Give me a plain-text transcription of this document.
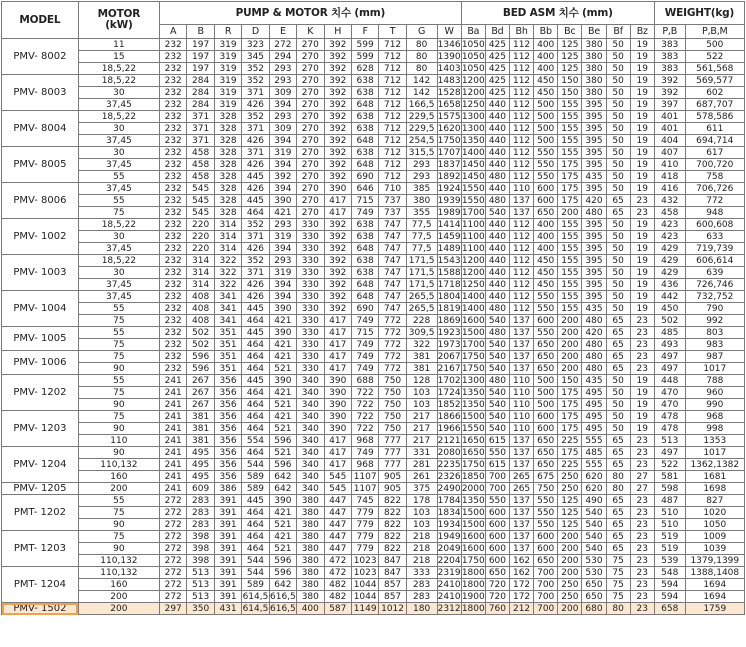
MODEL	MOTOR
(kW)	PUMP & MOTOR 치수 (mm)											BED ASM 치수 (mm)								WEIGHT(kg)	
		A	B	R	D	E	K	H	F	T	G	W	Ba	Bd	Bh	Bb	Bc	Be	Bf	Bz	P,B	P,B,M
PMV- 8002	11	232	197	319	323	272	270	392	599	712	80	1346	1050	425	112	400	125	380	50	19	383	500
	15	232	197	319	345	294	270	392	599	712	80	1390	1050	425	112	400	125	380	50	19	383	522
	18,5,22	232	197	319	352	293	270	392	628	712	80	1403	1050	425	112	400	125	380	50	19	383	561,568
PMV- 8003	18,5,22	232	284	319	352	293	270	392	638	712	142	1483	1200	425	112	450	150	380	50	19	392	569,577
	30	232	284	319	371	309	270	392	638	712	142	1528	1200	425	112	450	150	380	50	19	392	602
	37,45	232	284	319	426	394	270	392	648	712	166,5	1658	1250	440	112	500	155	395	50	19	397	687,707
PMV- 8004	18,5,22	232	371	328	352	293	270	392	638	712	229,5	1575	1300	440	112	500	155	395	50	19	401	578,586
	30	232	371	328	371	309	270	392	638	712	229,5	1620	1300	440	112	500	155	395	50	19	401	611
	37,45	232	371	328	426	394	270	392	648	712	254,5	1750	1350	440	112	500	155	395	50	19	404	694,714
PMV- 8005	30	232	458	328	371	319	270	392	638	712	315,5	1707	1400	440	112	550	155	395	50	19	407	617
	37,45	232	458	328	426	394	270	392	648	712	293	1837	1450	440	112	550	175	395	50	19	410	700,720
	55	232	458	328	445	392	270	392	690	712	293	1892	1450	480	112	550	175	435	50	19	418	758
PMV- 8006	37,45	232	545	328	426	394	270	390	646	710	385	1924	1550	440	110	600	175	395	50	19	416	706,726
	55	232	545	328	445	390	270	417	715	737	380	1939	1550	480	137	600	175	420	65	23	432	772
	75	232	545	328	464	421	270	417	749	737	355	1989	1700	540	137	650	200	480	65	23	458	948
PMV- 1002	18,5,22	232	220	314	352	293	330	392	638	747	77,5	1414	1100	440	112	400	155	395	50	19	423	600,608
	30	232	220	314	371	319	330	392	638	747	77,5	1459	1100	440	112	400	155	395	50	19	423	633
	37,45	232	220	314	426	394	330	392	648	747	77,5	1489	1100	440	112	400	155	395	50	19	429	719,739
PMV- 1003	18,5,22	232	314	322	352	293	330	392	638	747	171,5	1543	1200	440	112	450	155	395	50	19	429	606,614
	30	232	314	322	371	319	330	392	638	747	171,5	1588	1200	440	112	450	155	395	50	19	429	639
	37,45	232	314	322	426	394	330	392	648	747	171,5	1718	1250	440	112	450	155	395	50	19	436	726,746
PMV- 1004	37,45	232	408	341	426	394	330	392	648	747	265,5	1804	1400	440	112	550	155	395	50	19	442	732,752
	55	232	408	341	445	390	330	392	690	747	265,5	1819	1400	480	112	550	155	435	50	19	450	790
	75	232	408	341	464	421	330	417	749	772	228	1869	1600	540	137	600	200	480	65	23	502	992
PMV- 1005	55	232	502	351	445	390	330	417	715	772	309,5	1923	1500	480	137	550	200	420	65	23	485	803
	75	232	502	351	464	421	330	417	749	772	322	1973	1700	540	137	650	200	480	65	23	493	983
PMV- 1006	75	232	596	351	464	421	330	417	749	772	381	2067	1750	540	137	650	200	480	65	23	497	987
	90	232	596	351	464	521	330	417	749	772	381	2167	1750	540	137	650	200	480	65	23	497	1017
PMV- 1202	55	241	267	356	445	390	340	390	688	750	128	1702	1300	480	110	500	150	435	50	19	448	788
	75	241	267	356	464	421	340	390	722	750	103	1724	1350	540	110	500	175	495	50	19	470	960
	90	241	267	356	464	521	340	390	722	750	103	1852	1350	540	110	500	175	495	50	19	470	990
PMV- 1203	75	241	381	356	464	421	340	390	722	750	217	1866	1500	540	110	600	175	495	50	19	478	968
	90	241	381	356	464	521	340	390	722	750	217	1966	1550	540	110	600	175	495	50	19	478	998
	110	241	381	356	554	596	340	417	968	777	217	2121	1650	615	137	650	225	555	65	23	513	1353
PMV- 1204	90	241	495	356	464	521	340	417	749	777	331	2080	1650	550	137	650	175	485	65	23	497	1017
	110,132	241	495	356	544	596	340	417	968	777	281	2235	1750	615	137	650	225	555	65	23	522	1362,1382
	160	241	495	356	589	642	340	545	1107	905	261	2326	1850	700	265	675	250	620	80	27	581	1681
PMV- 1205	200	241	609	386	589	642	340	545	1107	905	375	2490	2000	700	265	750	250	620	80	27	598	1698
PMT- 1202	55	272	283	391	445	390	380	447	745	822	178	1784	1350	550	137	550	125	490	65	23	487	827
	75	272	283	391	464	421	380	447	779	822	103	1834	1500	600	137	550	125	540	65	23	510	1020
	90	272	283	391	464	521	380	447	779	822	103	1934	1500	600	137	550	125	540	65	23	510	1050
PMT- 1203	75	272	398	391	464	421	380	447	779	822	218	1949	1600	600	137	600	200	540	65	23	519	1009
	90	272	398	391	464	521	380	447	779	822	218	2049	1600	600	137	600	200	540	65	23	519	1039
	110,132	272	398	391	544	596	380	472	1023	847	218	2204	1750	600	162	650	200	530	75	23	539	1379,1399
PMT- 1204	110,132	272	513	391	544	596	380	472	1023	847	333	2319	1800	650	162	700	200	530	75	23	548	1388,1408
	160	272	513	391	589	642	380	482	1044	857	283	2410	1800	720	172	700	250	650	75	23	594	1694
	200	272	513	391	614,5	616,5	380	482	1044	857	283	2410	1900	720	172	700	250	650	75	23	594	1694
PMV- 1502	200	297	350	431	614,5	616,5	400	587	1149	1012	180	2312	1800	760	212	700	200	680	80	23	658	1759
